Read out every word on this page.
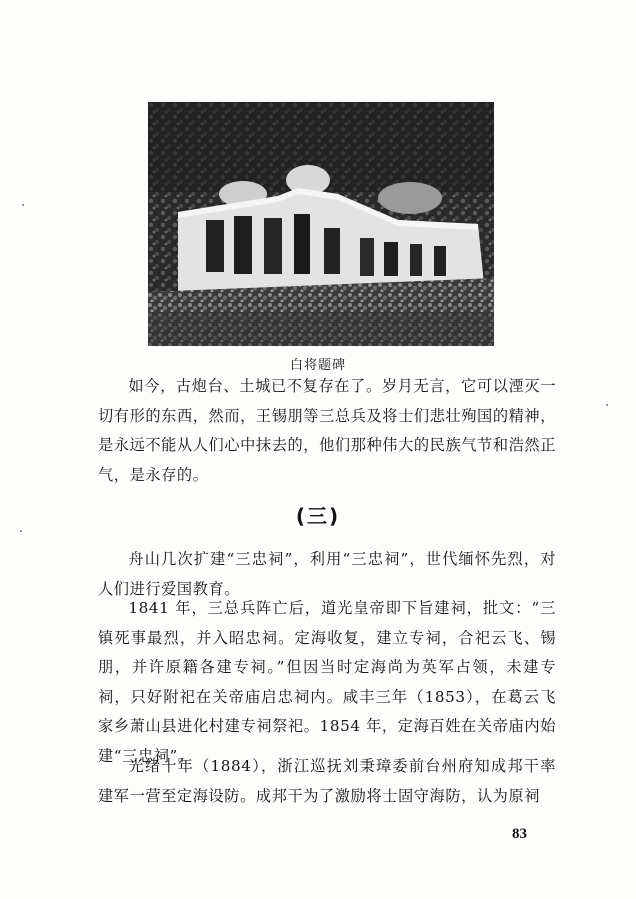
白将题碑

如今，古炮台、土城已不复存在了。岁月无言，它可以湮灭一切有形的东西，然而，王锡朋等三总兵及将士们悲壮殉国的精神，是永远不能从人们心中抹去的，他们那种伟大的民族气节和浩然正气，是永存的。

(三)

舟山几次扩建“三忠祠”，利用“三忠祠”，世代缅怀先烈，对人们进行爱国教育。

1841 年，三总兵阵亡后，道光皇帝即下旨建祠，批文：“三镇死事最烈，并入昭忠祠。定海收复，建立专祠，合祀云飞、锡朋，并许原籍各建专祠。”但因当时定海尚为英军占领，未建专祠，只好附祀在关帝庙启忠祠内。咸丰三年（1853），在葛云飞家乡萧山县进化村建专祠祭祀。1854 年，定海百姓在关帝庙内始建“三忠祠”。

光绪十年（1884），浙江巡抚刘秉璋委前台州府知成邦干率建军一营至定海设防。成邦干为了激励将士固守海防，认为原祠

83
